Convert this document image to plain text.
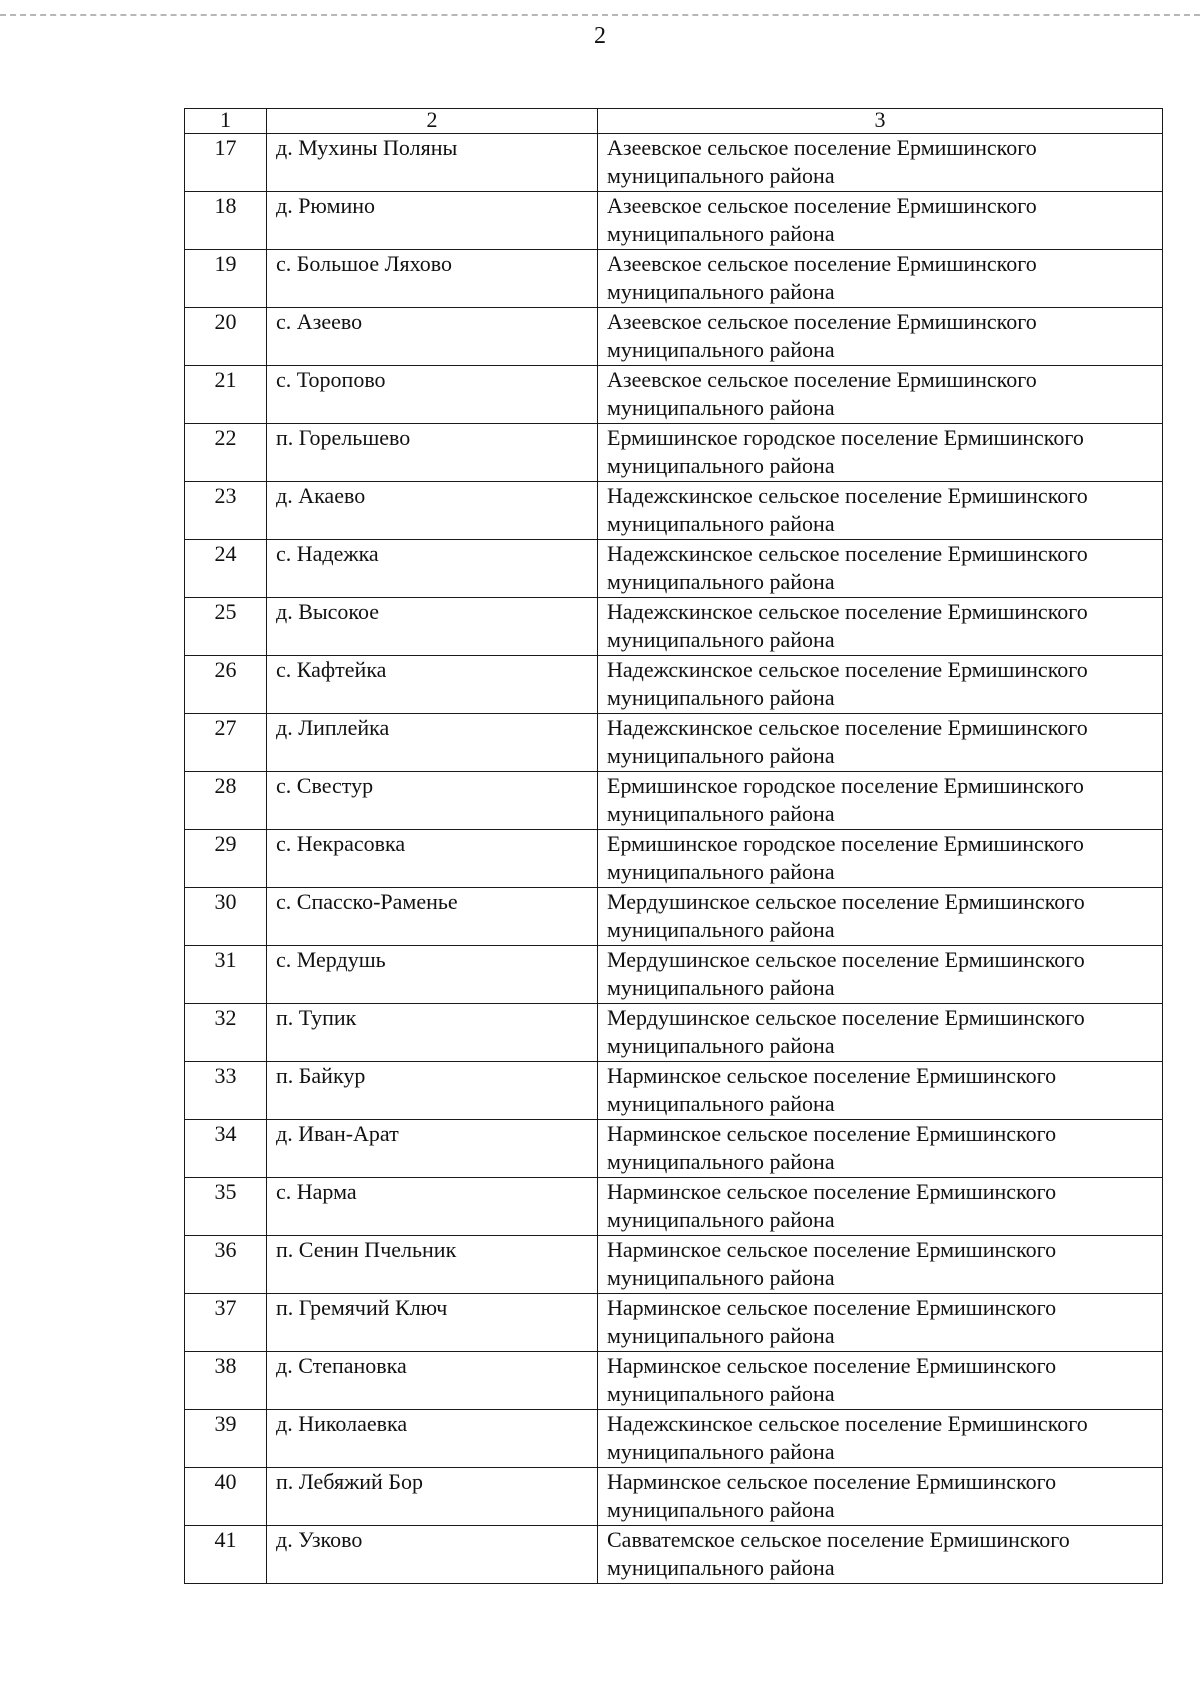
2
1	2	3
17	д. Мухины Поляны	Азеевское сельское поселение Ермишинского муниципального района
18	д. Рюмино	Азеевское сельское поселение Ермишинского муниципального района
19	с. Большое Ляхово	Азеевское сельское поселение Ермишинского муниципального района
20	с. Азеево	Азеевское сельское поселение Ермишинского муниципального района
21	с. Торопово	Азеевское сельское поселение Ермишинского муниципального района
22	п. Горельшево	Ермишинское городское поселение Ермишинского муниципального района
23	д. Акаево	Надежскинское сельское поселение Ермишинского муниципального района
24	с. Надежка	Надежскинское сельское поселение Ермишинского муниципального района
25	д. Высокое	Надежскинское сельское поселение Ермишинского муниципального района
26	с. Кафтейка	Надежскинское сельское поселение Ермишинского муниципального района
27	д. Липлейка	Надежскинское сельское поселение Ермишинского муниципального района
28	с. Свестур	Ермишинское городское поселение Ермишинского муниципального района
29	с. Некрасовка	Ермишинское городское поселение Ермишинского муниципального района
30	с. Спасско-Раменье	Мердушинское сельское поселение Ермишинского муниципального района
31	с. Мердушь	Мердушинское сельское поселение Ермишинского муниципального района
32	п. Тупик	Мердушинское сельское поселение Ермишинского муниципального района
33	п. Байкур	Нарминское сельское поселение Ермишинского муниципального района
34	д. Иван-Арат	Нарминское сельское поселение Ермишинского муниципального района
35	с. Нарма	Нарминское сельское поселение Ермишинского муниципального района
36	п. Сенин Пчельник	Нарминское сельское поселение Ермишинского муниципального района
37	п. Гремячий Ключ	Нарминское сельское поселение Ермишинского муниципального района
38	д. Степановка	Нарминское сельское поселение Ермишинского муниципального района
39	д. Николаевка	Надежскинское сельское поселение Ермишинского муниципального района
40	п. Лебяжий Бор	Нарминское сельское поселение Ермишинского муниципального района
41	д. Узково	Савватемское сельское поселение Ермишинского муниципального района
